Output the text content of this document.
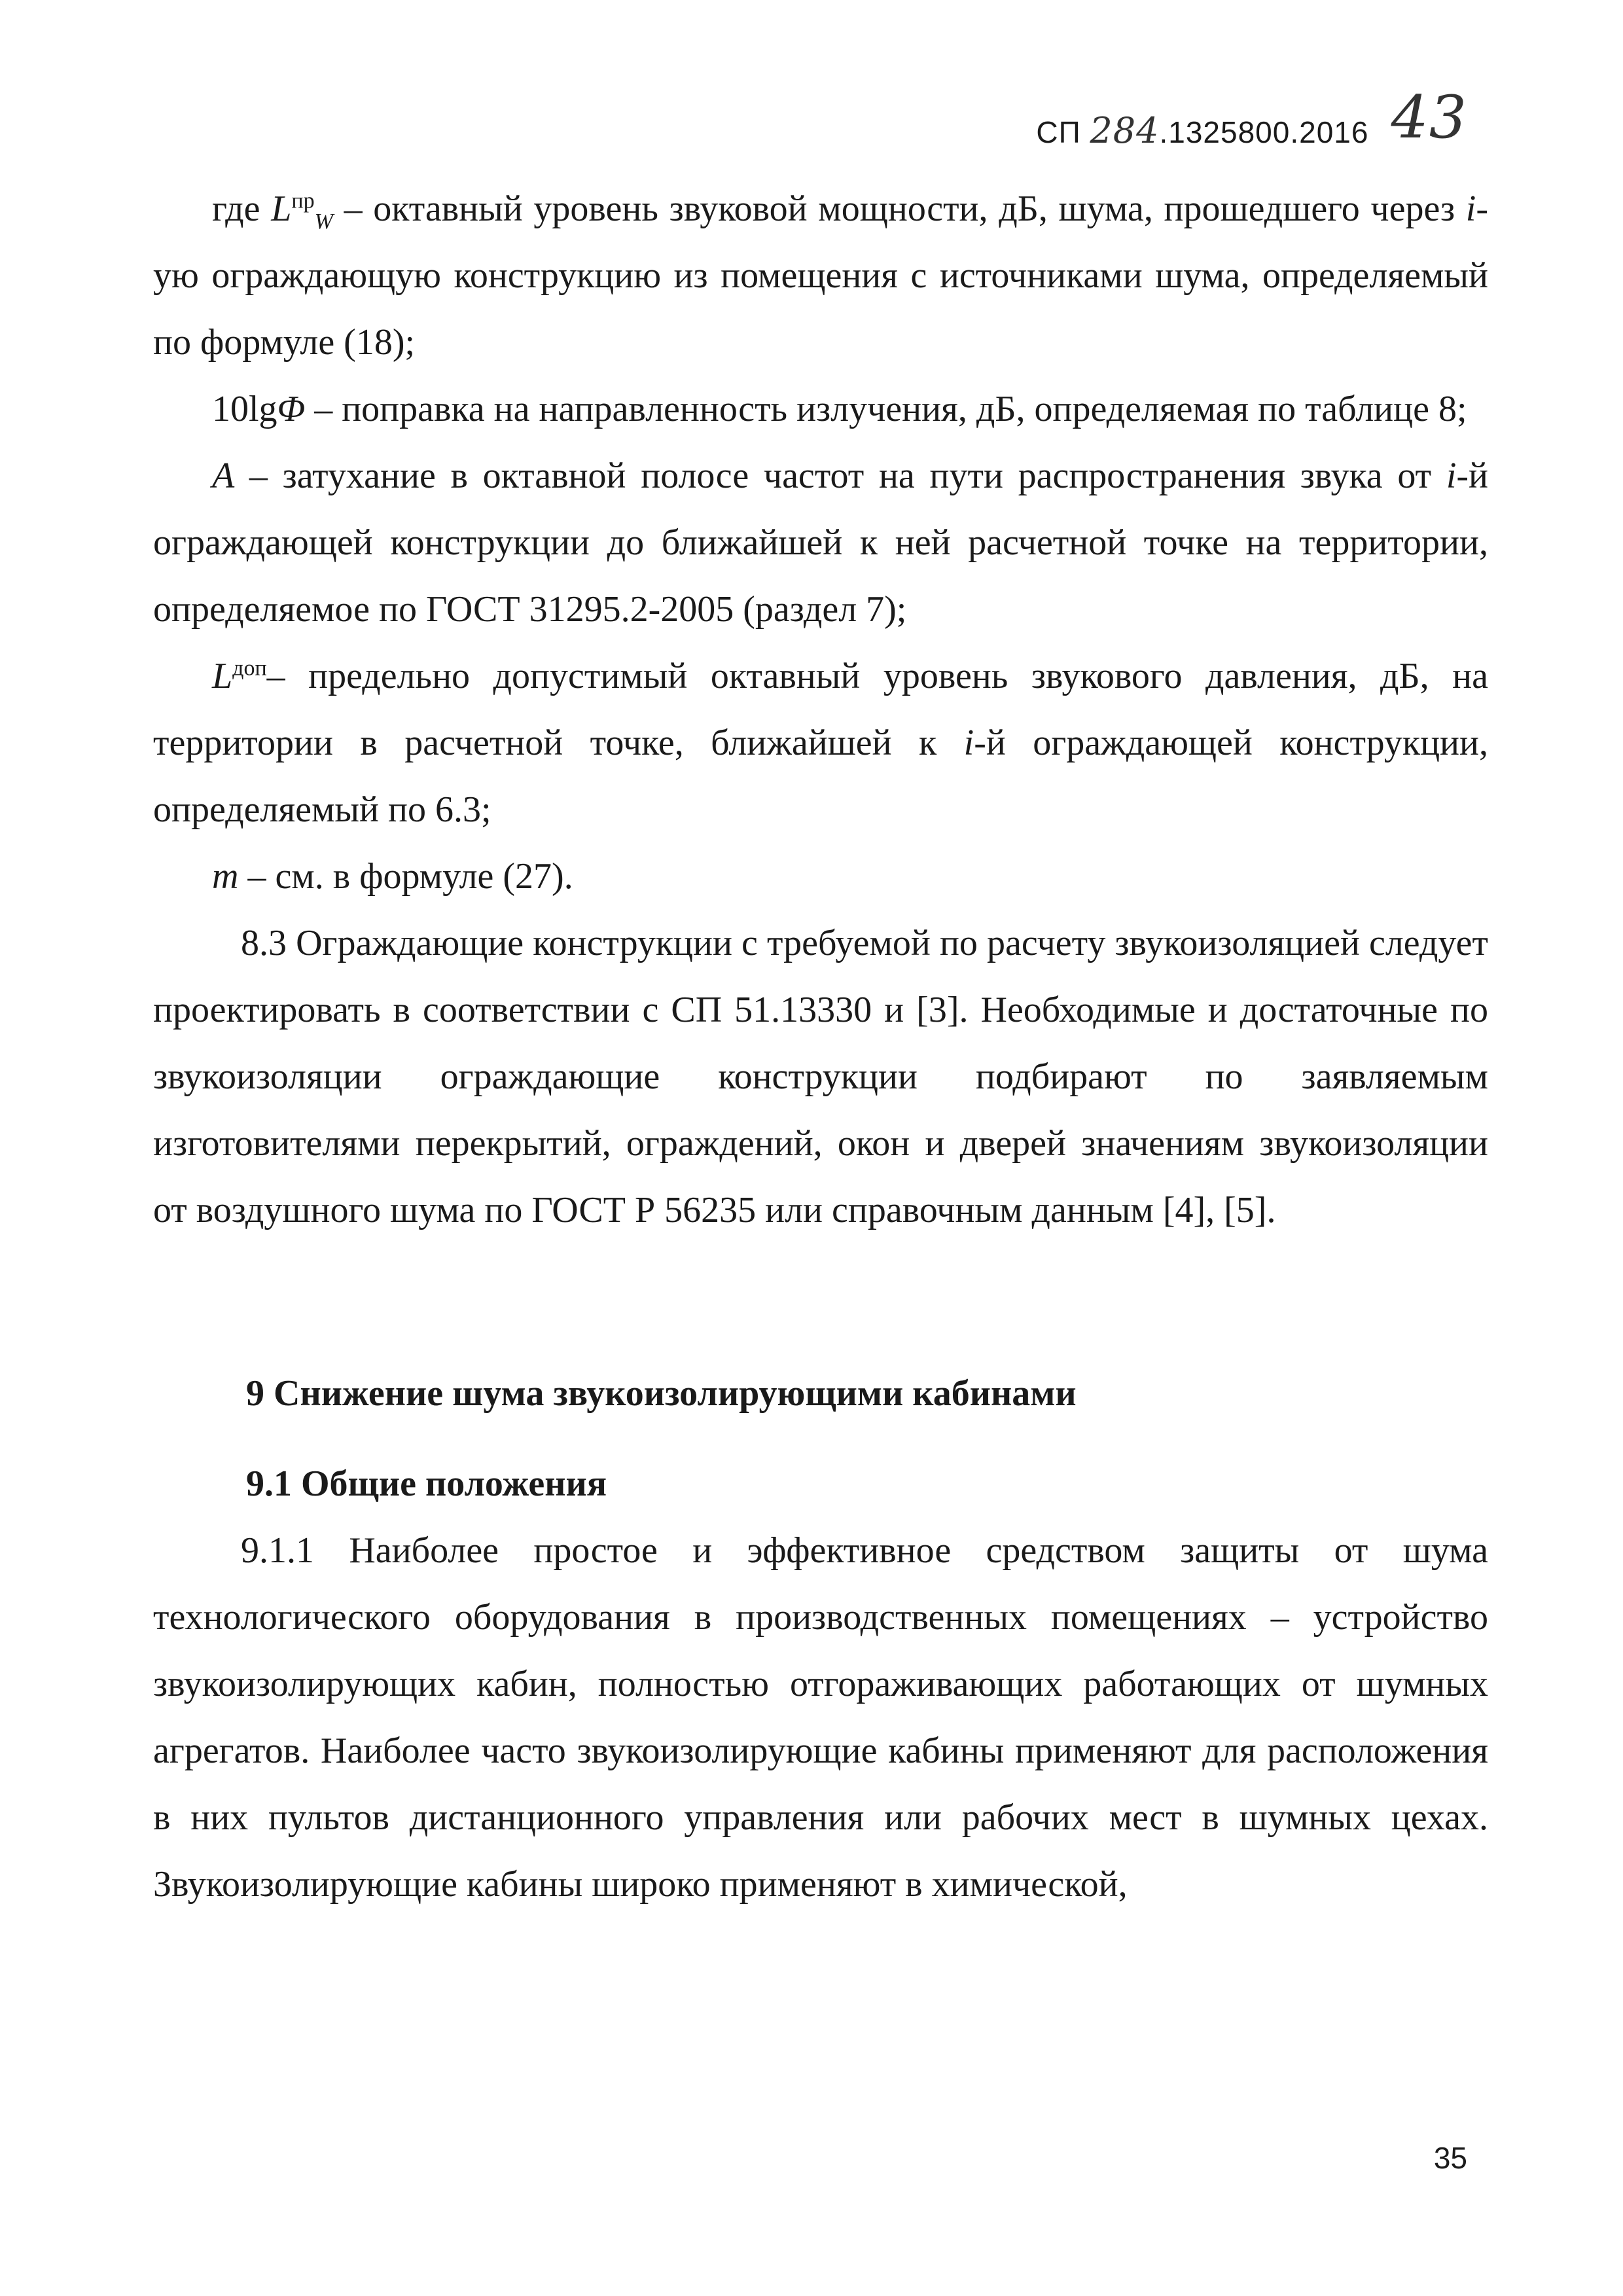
СП 284.1325800.2016 43

где $L^{пр}_W$ – октавный уровень звуковой мощности, дБ, шума, прошедшего через i-ую ограждающую конструкцию из помещения с источниками шума, определяемый по формуле (18);

10lgΦ – поправка на направленность излучения, дБ, определяемая по таблице 8;

A – затухание в октавной полосе частот на пути распространения звука от i-й ограждающей конструкции до ближайшей к ней расчетной точке на территории, определяемое по ГОСТ 31295.2-2005 (раздел 7);

$L^{доп}-$ предельно допустимый октавный уровень звукового давления, дБ, на территории в расчетной точке, ближайшей к i-й ограждающей конструкции, определяемый по 6.3;

m – см. в формуле (27).

8.3 Ограждающие конструкции с требуемой по расчету звукоизоляцией следует проектировать в соответствии с СП 51.13330 и [3]. Необходимые и достаточные по звукоизоляции ограждающие конструкции подбирают по заявляемым изготовителями перекрытий, ограждений, окон и дверей значениям звукоизоляции от воздушного шума по ГОСТ Р 56235 или справочным данным [4], [5].

9 Снижение шума звукоизолирующими кабинами

9.1 Общие положения

9.1.1 Наиболее простое и эффективное средством защиты от шума технологического оборудования в производственных помещениях – устройство звукоизолирующих кабин, полностью отгораживающих работающих от шумных агрегатов. Наиболее часто звукоизолирующие кабины применяют для расположения в них пультов дистанционного управления или рабочих мест в шумных цехах. Звукоизолирующие кабины широко применяют в химической,

35
